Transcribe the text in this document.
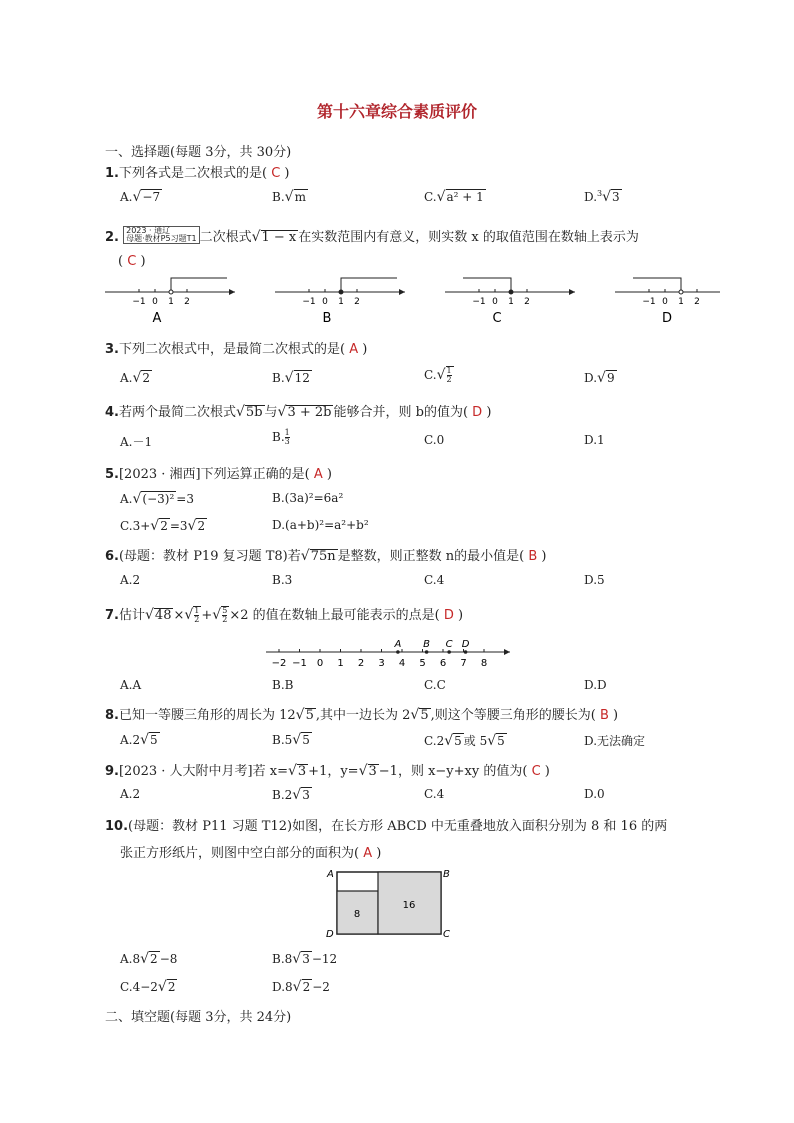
第十六章综合素质评价
一、选择题(每题 3分，共 30分)
1.下列各式是二次根式的是( C )
A.√−7	B.√m	C.√a² + 1	D.$^3$√3
2. 2023 · 通辽
母题·教材P5习题T1 二次根式√1 − x 在实数范围内有意义，则实数 x 的取值范围在数轴上表示为
( C )
−1 0 1 2
A
−1 0 1 2
B
−1 0 1 2
C
−1 0 1 2
D
3.下列二次根式中，是最简二次根式的是( A )
A.√2	B.√12	$C.√ \frac{1}{2}$	D.√9
4.若两个最简二次根式√5b 与√3 + 2b 能够合并，则 b的值为( D )
A.－1	B. $\frac{1}{3}$	C.0	D.1
5.[2023 · 湘西]下列运算正确的是( A )
A.√(−3)² =3	B.(3a)²=6a²
C.3+√2 =3√2	D.(a+b)²=a²+b²
6.(母题：教材 P19 复习题 T8)若√75n 是整数，则正整数 n的最小值是( B )
A.2	B.3	C.4	D.5
7.估计√48 ×√ $\frac{1}{2}$ +√ $\frac{5}{2} \times 2$ 的值在数轴上最可能表示的点是( D )
−2 −1 0 1 2 3 4 5 6 7 8
A B C D
A.A	B.B	C.C	D.D
8.已知一等腰三角形的周长为 12√5 ,其中一边长为 2√5 ,则这个等腰三角形的腰长为( B )
A.2√5	B.5√5	C.2√5 或 5√5	D.无法确定
9.[2023 · 人大附中月考]若 x=√3 +1，y=√3 −1，则 x−y+xy 的值为( C )
A.2	B.2√3	C.4	D.0
10.(母题：教材 P11 习题 T12)如图，在长方形 ABCD 中无重叠地放入面积分别为 8 和 16 的两
张正方形纸片，则图中空白部分的面积为( A )
A	B
C
D
8
16
A.8√2 −8	B.8√3 −12
C.4−2√2	D.8√2 −2
二、填空题(每题 3分，共 24分)
